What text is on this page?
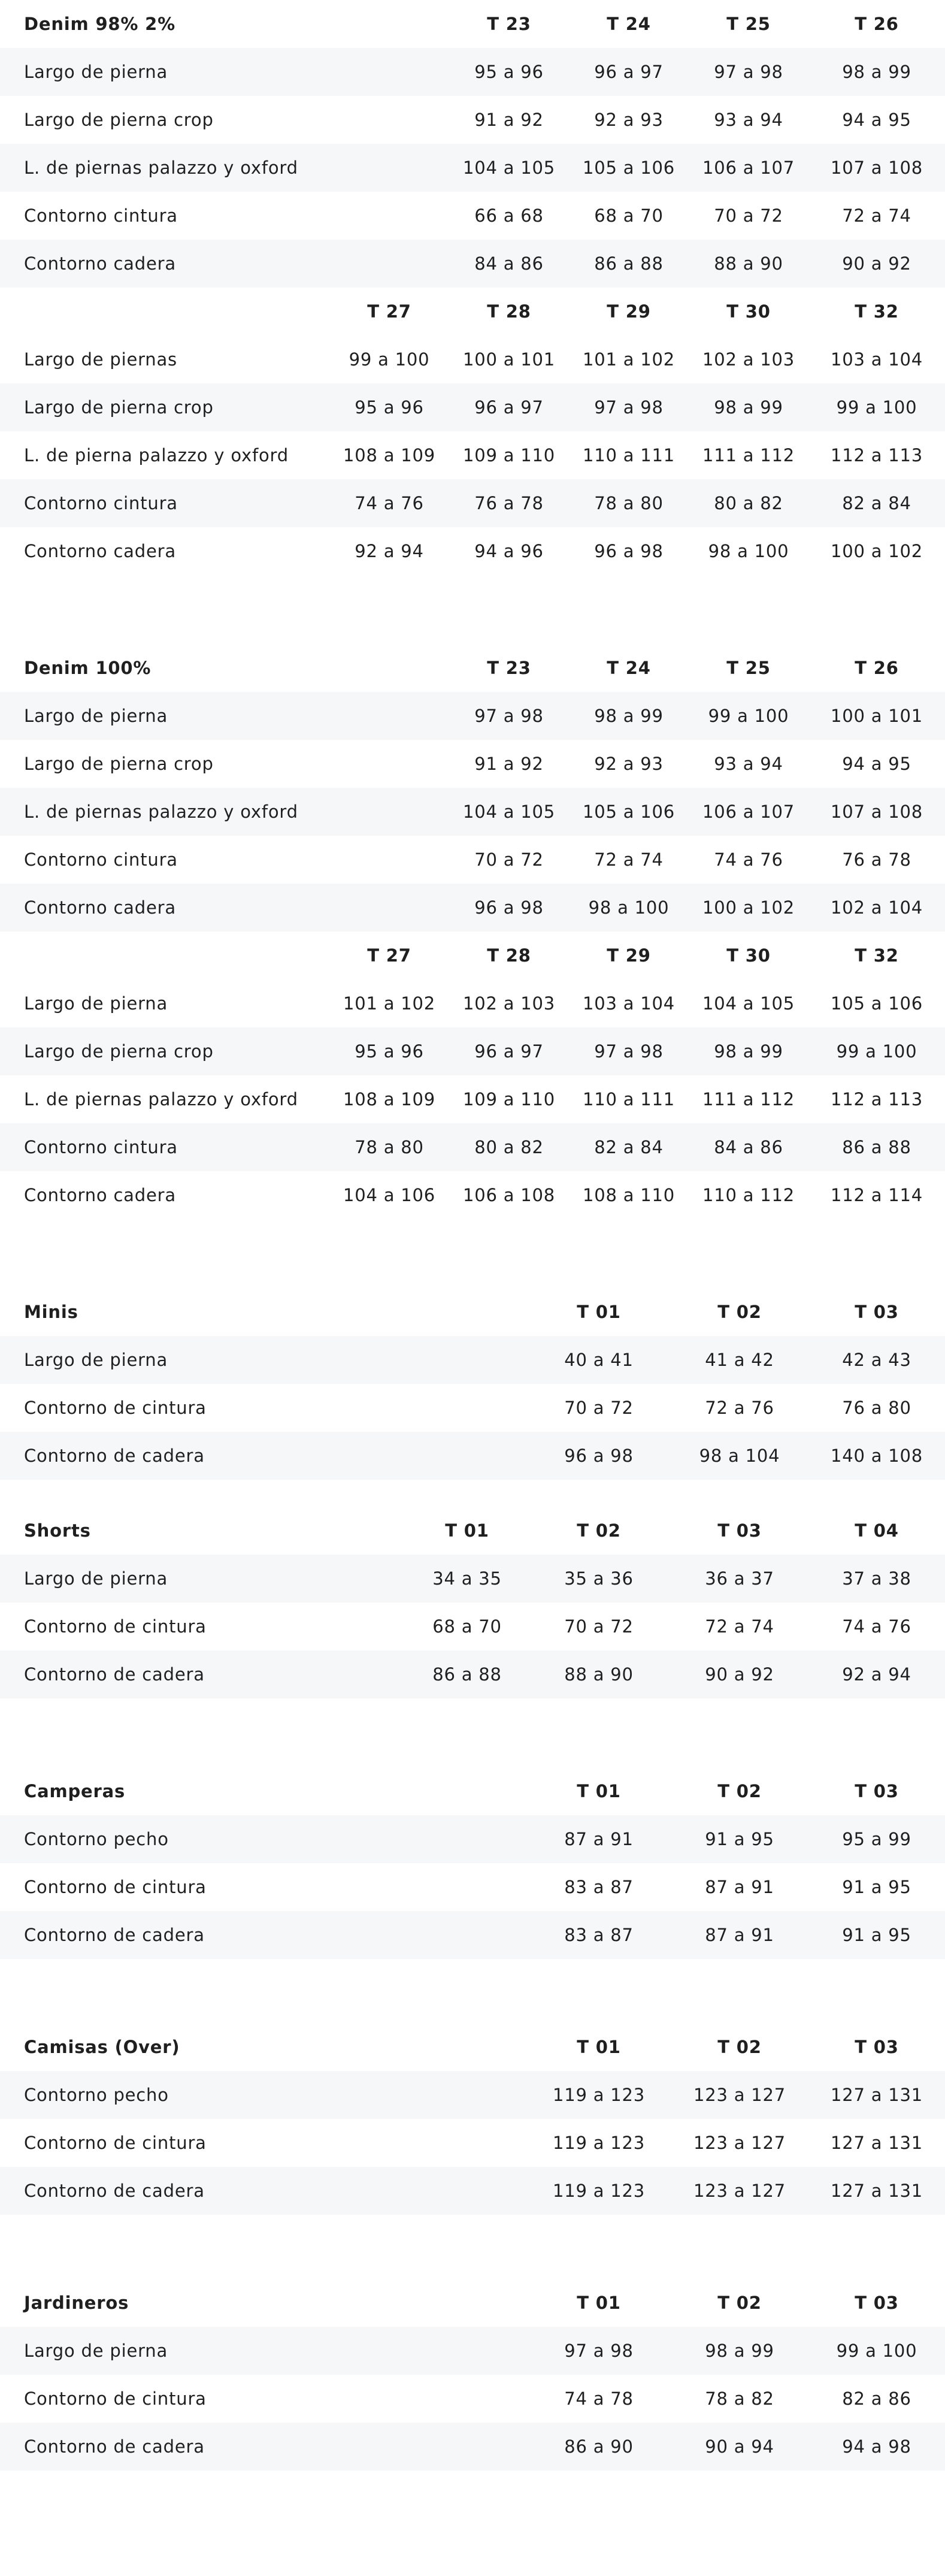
Denim 98% 2%		T 23	T 24	T 25	T 26
Largo de pierna		95 a 96	96 a 97	97 a 98	98 a 99
Largo de pierna crop		91 a 92	92 a 93	93 a 94	94 a 95
L. de piernas palazzo y oxford		104 a 105	105 a 106	106 a 107	107 a 108
Contorno cintura		66 a 68	68 a 70	70 a 72	72 a 74
Contorno cadera		84 a 86	86 a 88	88 a 90	90 a 92
	T 27	T 28	T 29	T 30	T 32
Largo de piernas	99 a 100	100 a 101	101 a 102	102 a 103	103 a 104
Largo de pierna crop	95 a 96	96 a 97	97 a 98	98 a 99	99 a 100
L. de pierna palazzo y oxford	108 a 109	109 a 110	110 a 111	111 a 112	112 a 113
Contorno cintura	74 a 76	76 a 78	78 a 80	80 a 82	82 a 84
Contorno cadera	92 a 94	94 a 96	96 a 98	98 a 100	100 a 102
Denim 100%		T 23	T 24	T 25	T 26
Largo de pierna		97 a 98	98 a 99	99 a 100	100 a 101
Largo de pierna crop		91 a 92	92 a 93	93 a 94	94 a 95
L. de piernas palazzo y oxford		104 a 105	105 a 106	106 a 107	107 a 108
Contorno cintura		70 a 72	72 a 74	74 a 76	76 a 78
Contorno cadera		96 a 98	98 a 100	100 a 102	102 a 104
	T 27	T 28	T 29	T 30	T 32
Largo de pierna	101 a 102	102 a 103	103 a 104	104 a 105	105 a 106
Largo de pierna crop	95 a 96	96 a 97	97 a 98	98 a 99	99 a 100
L. de piernas palazzo y oxford	108 a 109	109 a 110	110 a 111	111 a 112	112 a 113
Contorno cintura	78 a 80	80 a 82	82 a 84	84 a 86	86 a 88
Contorno cadera	104 a 106	106 a 108	108 a 110	110 a 112	112 a 114
Minis	T 01	T 02	T 03
Largo de pierna	40 a 41	41 a 42	42 a 43
Contorno de cintura	70 a 72	72 a 76	76 a 80
Contorno de cadera	96 a 98	98 a 104	140 a 108
Shorts	T 01	T 02	T 03	T 04
Largo de pierna	34 a 35	35 a 36	36 a 37	37 a 38
Contorno de cintura	68 a 70	70 a 72	72 a 74	74 a 76
Contorno de cadera	86 a 88	88 a 90	90 a 92	92 a 94
Camperas	T 01	T 02	T 03
Contorno pecho	87 a 91	91 a 95	95 a 99
Contorno de cintura	83 a 87	87 a 91	91 a 95
Contorno de cadera	83 a 87	87 a 91	91 a 95
Camisas (Over)	T 01	T 02	T 03
Contorno pecho	119 a 123	123 a 127	127 a 131
Contorno de cintura	119 a 123	123 a 127	127 a 131
Contorno de cadera	119 a 123	123 a 127	127 a 131
Jardineros	T 01	T 02	T 03
Largo de pierna	97 a 98	98 a 99	99 a 100
Contorno de cintura	74 a 78	78 a 82	82 a 86
Contorno de cadera	86 a 90	90 a 94	94 a 98
